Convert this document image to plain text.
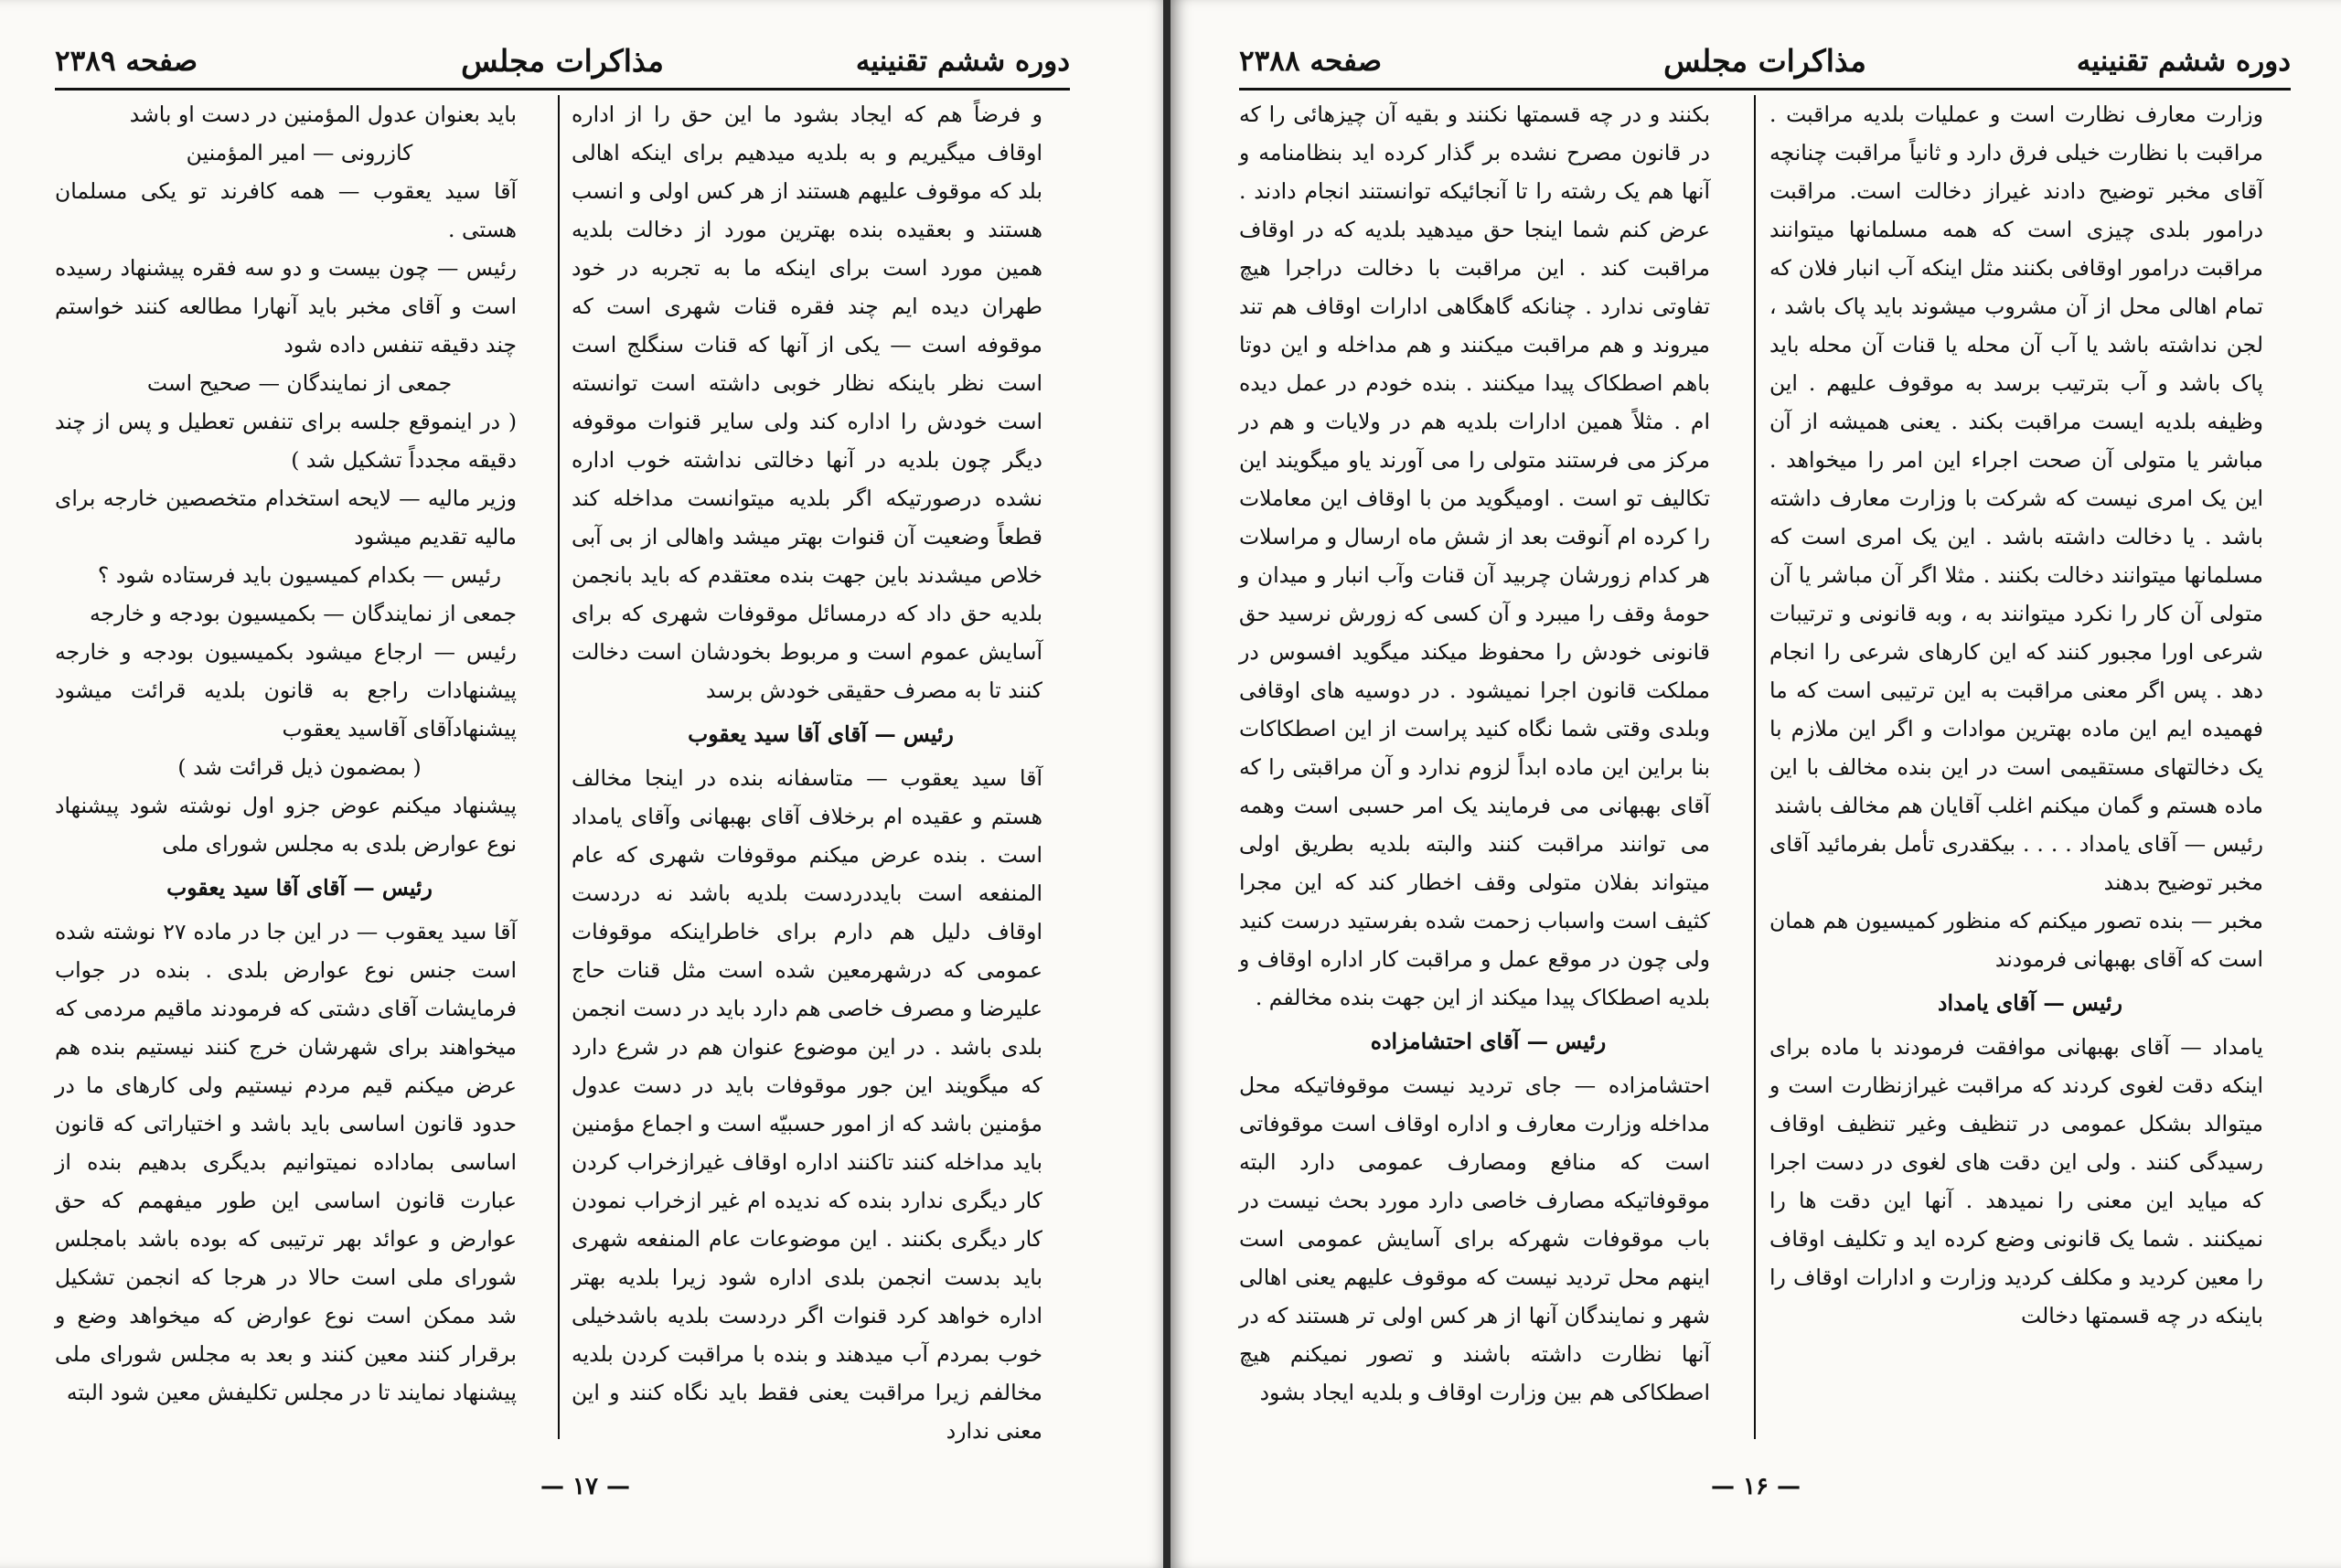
دوره ششم تقنینیه
مذاکرات مجلس
صفحه ۲۳۸۹

و فرضاً هم که ایجاد بشود ما این حق را از اداره اوقاف میگیریم و به بلدیه میدهیم برای اینکه اهالی بلد که موقوف علیهم هستند از هر کس اولی و انسب هستند و بعقیده بنده بهترین مورد از دخالت بلدیه همین مورد است برای اینکه ما به تجربه در خود طهران دیده ایم چند فقره قنات شهری است که موقوفه است — یکی از آنها که قنات سنگلج است است نظر باینکه نظار خوبی داشته است توانسته است خودش را اداره کند ولی سایر قنوات موقوفه دیگر چون بلدیه در آنها دخالتی نداشته خوب اداره نشده درصورتیکه اگر بلدیه میتوانست مداخله کند قطعاً وضعیت آن قنوات بهتر میشد واهالی از بی آبی خلاص میشدند باین جهت بنده معتقدم که باید بانجمن بلدیه حق داد که درمسائل موقوفات شهری که برای آسایش عموم است و مربوط بخودشان است دخالت کنند تا به مصرف حقیقی خودش برسد

رئیس — آقای آقا سید یعقوب

آقا سید یعقوب — متاسفانه بنده در اینجا مخالف هستم و عقیده ام برخلاف آقای بهبهانی وآقای یامداد است . بنده عرض میکنم موقوفات شهری که عام المنفعه است بایددردست بلدیه باشد نه دردست اوقاف دلیل هم دارم برای خاطراینکه موقوفات عمومی که درشهرمعین شده است مثل قنات حاج علیرضا و مصرف خاصی هم دارد باید در دست انجمن بلدی باشد . در این موضوع عنوان هم در شرع دارد که میگویند این جور موقوفات باید در دست عدول مؤمنین باشد که از امور حسبیّه است و اجماع مؤمنین باید مداخله کنند تاکنند اداره اوقاف غیرازخراب کردن کار دیگری ندارد بنده که ندیده ام غیر ازخراب نمودن کار دیگری بکنند . این موضوعات عام المنفعه شهری باید بدست انجمن بلدی اداره شود زیرا بلدیه بهتر اداره خواهد کرد قنوات اگر دردست بلدیه باشدخیلی خوب بمردم آب میدهند و بنده با مراقبت کردن بلدیه مخالفم زیرا مراقبت یعنی فقط باید نگاه کنند و این معنی ندارد

باید بعنوان عدول المؤمنین در دست او باشد

کازرونی — امیر المؤمنین

آقا سید یعقوب — همه کافرند تو یکی مسلمان هستی .

رئیس — چون بیست و دو سه فقره پیشنهاد رسیده است و آقای مخبر باید آنهارا مطالعه کنند خواستم چند دقیقه تنفس داده شود

جمعی از نمایندگان — صحیح است

( در اینموقع جلسه برای تنفس تعطیل و پس از چند دقیقه مجدداً تشکیل شد )

وزیر مالیه — لایحه استخدام متخصصین خارجه برای مالیه تقدیم میشود

رئیس — بکدام کمیسیون باید فرستاده شود ؟

جمعی از نمایندگان — بکمیسیون بودجه و خارجه

رئیس — ارجاع میشود بکمیسیون بودجه و خارجه پیشنهادات راجع به قانون بلدیه قرائت میشود پیشنهادآقای آقاسید یعقوب

( بمضمون ذیل قرائت شد )

پیشنهاد میکنم عوض جزو اول نوشته شود پیشنهاد نوع عوارض بلدی به مجلس شورای ملی

رئیس — آقای آقا سید یعقوب

آقا سید یعقوب — در این جا در ماده ۲۷ نوشته شده است جنس نوع عوارض بلدی . بنده در جواب فرمایشات آقای دشتی که فرمودند ماقیم مردمی که میخواهند برای شهرشان خرج کنند نیستیم بنده هم عرض میکنم قیم مردم نیستیم ولی کارهای ما در حدود قانون اساسی باید باشد و اختیاراتی که قانون اساسی بماداده نمیتوانیم بدیگری بدهیم بنده از عبارت قانون اساسی این طور میفهمم که حق عوارض و عوائد بهر ترتیبی که بوده باشد بامجلس شورای ملی است حالا در هرجا که انجمن تشکیل شد ممکن است نوع عوارض که میخواهد وضع و برقرار کنند معین کنند و بعد به مجلس شورای ملی پیشنهاد نمایند تا در مجلس تکلیفش معین شود البته

— ۱۷ —
دوره ششم تقنینیه
مذاکرات مجلس
صفحه ۲۳۸۸

وزارت معارف نظارت است و عملیات بلدیه مراقبت . مراقبت با نظارت خیلی فرق دارد و ثانیاً مراقبت چنانچه آقای مخبر توضیح دادند غیراز دخالت است. مراقبت درامور بلدی چیزی است که همه مسلمانها میتوانند مراقبت درامور اوقافی بکنند مثل اینکه آب انبار فلان که تمام اهالی محل از آن مشروب میشوند باید پاک باشد ، لجن نداشته باشد یا آب آن محله یا قنات آن محله باید پاک باشد و آب بترتیب برسد به موقوف علیهم . این وظیفه بلدیه ایست مراقبت بکند . یعنی همیشه از آن مباشر یا متولی آن صحت اجراء این امر را میخواهد . این یک امری نیست که شرکت با وزارت معارف داشته باشد . یا دخالت داشته باشد . این یک امری است که مسلمانها میتوانند دخالت بکنند . مثلا اگر آن مباشر یا آن متولی آن کار را نکرد میتوانند به ، وبه قانونی و ترتیبات شرعی اورا مجبور کنند که این کارهای شرعی را انجام دهد . پس اگر معنی مراقبت به این ترتیبی است که ما فهمیده ایم این ماده بهترین موادات و اگر این ملازم با یک دخالتهای مستقیمی است در این بنده مخالف با این ماده هستم و گمان میکنم اغلب آقایان هم مخالف باشند

رئیس — آقای یامداد . . . . بیکقدری تأمل بفرمائید آقای مخبر توضیح بدهند

مخبر — بنده تصور میکنم که منظور کمیسیون هم همان است که آقای بهبهانی فرمودند

رئیس — آقای یامداد

یامداد — آقای بهبهانی موافقت فرمودند با ماده برای اینکه دقت لغوی کردند که مراقبت غیرازنظارت است و میتوالد بشکل عمومی در تنظیف وغیر تنظیف اوقاف رسیدگی کنند . ولی این دقت های لغوی در دست اجرا که میاید این معنی را نمیدهد . آنها این دقت ها را نمیکنند . شما یک قانونی وضع کرده اید و تکلیف اوقاف را معین کردید و مکلف کردید وزارت و ادارات اوقاف را باینکه در چه قسمتها دخالت

بکنند و در چه قسمتها نکنند و بقیه آن چیزهائی را که در قانون مصرح نشده بر گذار کرده اید بنظامنامه و آنها هم یک رشته را تا آنجائیکه توانستند انجام دادند . عرض کنم شما اینجا حق میدهید بلدیه که در اوقاف مراقبت کند . این مراقبت با دخالت دراجرا هیچ تفاوتی ندارد . چنانکه گاهگاهی ادارات اوقاف هم تند میروند و هم مراقبت میکنند و هم مداخله و این دوتا باهم اصطکاک پیدا میکنند . بنده خودم در عمل دیده ام . مثلاً همین ادارات بلدیه هم در ولایات و هم در مرکز می فرستند متولی را می آورند یاو میگویند این تکالیف تو است . اومیگوید من با اوقاف این معاملات را کرده ام آنوقت بعد از شش ماه ارسال و مراسلات هر کدام زورشان چربید آن قنات وآب انبار و میدان و حومهٔ وقف را میبرد و آن کسی که زورش نرسید حق قانونی خودش را محفوظ میکند میگوید افسوس در مملکت قانون اجرا نمیشود . در دوسیه های اوقافی وبلدی وقتی شما نگاه کنید پراست از این اصطکاکات بنا براین این ماده ابداً لزوم ندارد و آن مراقبتی را که آقای بهبهانی می فرمایند یک امر حسبی است وهمه می توانند مراقبت کنند والبته بلدیه بطریق اولی میتواند بفلان متولی وقف اخطار کند که این مجرا کثیف است واسباب زحمت شده بفرستید درست کنید ولی چون در موقع عمل و مراقبت کار اداره اوقاف و بلدیه اصطکاک پیدا میکند از این جهت بنده مخالفم .

رئیس — آقای احتشامزاده

احتشامزاده — جای تردید نیست موقوفاتیکه محل مداخله وزارت معارف و اداره اوقاف است موقوفاتی است که منافع ومصارف عمومی دارد البته موقوفاتیکه مصارف خاصی دارد مورد بحث نیست در باب موقوفات شهرکه برای آسایش عمومی است اینهم محل تردید نیست که موقوف علیهم یعنی اهالی شهر و نمایندگان آنها از هر کس اولی تر هستند که در آنها نظارت داشته باشند و تصور نمیکنم هیچ اصطکاکی هم بین وزارت اوقاف و بلدیه ایجاد بشود

— ۱۶ —
